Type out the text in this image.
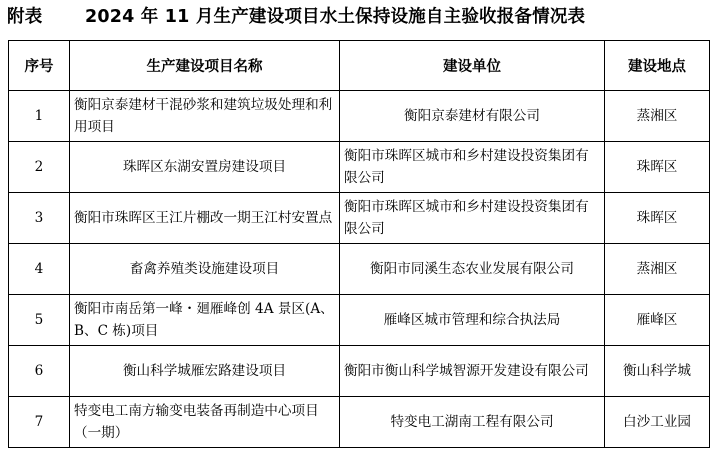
附表 2024 年 11 月生产建设项目水土保持设施自主验收报备情况表
序号	生产建设项目名称	建设单位	建设地点
1	衡阳京泰建材干混砂浆和建筑垃圾处理和利用项目	衡阳京泰建材有限公司	蒸湘区
2	珠晖区东湖安置房建设项目	衡阳市珠晖区城市和乡村建设投资集团有限公司	珠晖区
3	衡阳市珠晖区王江片棚改一期王江村安置点	衡阳市珠晖区城市和乡村建设投资集团有限公司	珠晖区
4	畜禽养殖类设施建设项目	衡阳市同溪生态农业发展有限公司	蒸湘区
5	衡阳市南岳第一峰・廻雁峰创 4A 景区(A、B、C 栋)项目	雁峰区城市管理和综合执法局	雁峰区
6	衡山科学城雁宏路建设项目	衡阳市衡山科学城智源开发建设有限公司	衡山科学城
7	特变电工南方输变电装备再制造中心项目（一期）	特变电工湖南工程有限公司	白沙工业园
